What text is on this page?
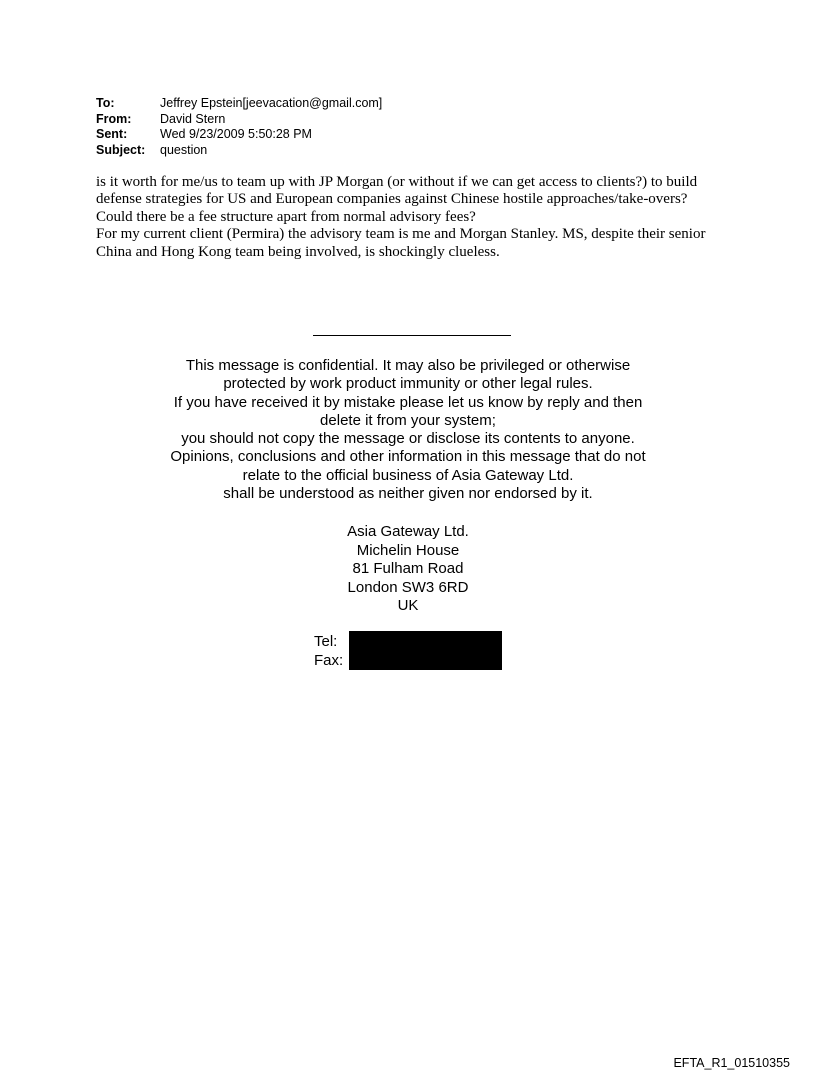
To:	Jeffrey Epstein[jeevacation@gmail.com]
From:	David Stern
Sent:	Wed 9/23/2009 5:50:28 PM
Subject:	question

is it worth for me/us to team up with JP Morgan (or without if we can get access to clients?) to build defense strategies for US and European companies against Chinese hostile approaches/take-overs?

Could there be a fee structure apart from normal advisory fees?

For my current client (Permira) the advisory team is me and Morgan Stanley. MS, despite their senior China and Hong Kong team being involved, is shockingly clueless.

This message is confidential. It may also be privileged or otherwise

protected by work product immunity or other legal rules.

If you have received it by mistake please let us know by reply and then

delete it from your system;

you should not copy the message or disclose its contents to anyone.

Opinions, conclusions and other information in this message that do not

relate to the official business of Asia Gateway Ltd.

shall be understood as neither given nor endorsed by it.

Asia Gateway Ltd.

Michelin House

81 Fulham Road

London SW3 6RD

UK

Tel:

Fax:

EFTA_R1_01510355
